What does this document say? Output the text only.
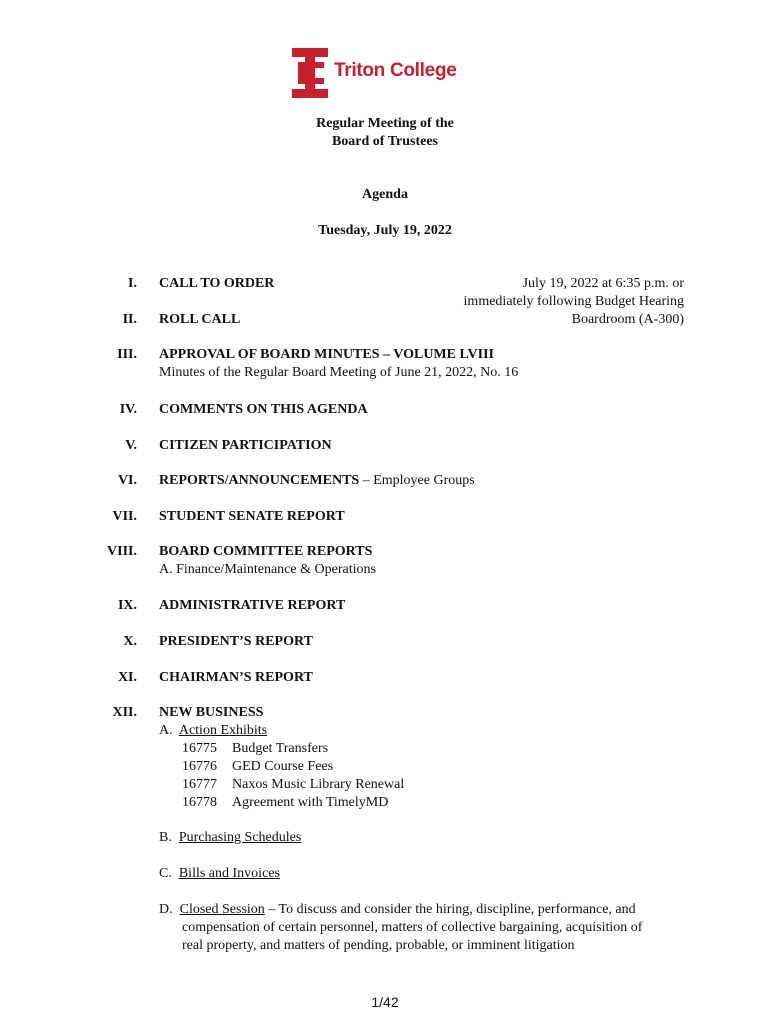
Triton College
Regular Meeting of the
Board of Trustees
Agenda
Tuesday, July 19, 2022
July 19, 2022 at 6:35 p.m. or
immediately following Budget Hearing
Boardroom (A-300)
I. CALL TO ORDER
II. ROLL CALL
III. APPROVAL OF BOARD MINUTES – VOLUME LVIII
Minutes of the Regular Board Meeting of June 21, 2022, No. 16
IV. COMMENTS ON THIS AGENDA
V. CITIZEN PARTICIPATION
VI. REPORTS/ANNOUNCEMENTS – Employee Groups
VII. STUDENT SENATE REPORT
VIII. BOARD COMMITTEE REPORTS
A. Finance/Maintenance & Operations
IX. ADMINISTRATIVE REPORT
X. PRESIDENT’S REPORT
XI. CHAIRMAN’S REPORT
XII. NEW BUSINESS
A.  Action Exhibits
16775 Budget Transfers
16776 GED Course Fees
16777 Naxos Music Library Renewal
16778 Agreement with TimelyMD
B.  Purchasing Schedules
C.  Bills and Invoices
D.  Closed Session – To discuss and consider the hiring, discipline, performance, and
compensation of certain personnel, matters of collective bargaining, acquisition of
real property, and matters of pending, probable, or imminent litigation
1/42
